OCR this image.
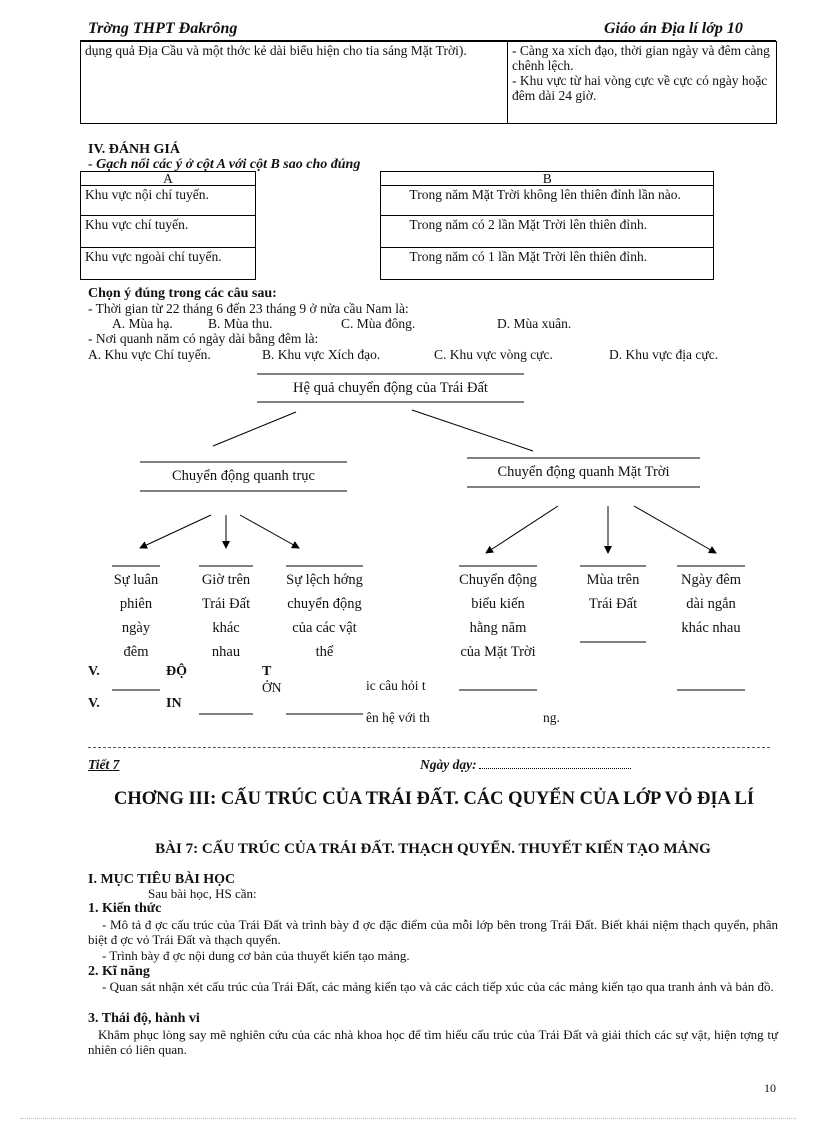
Trờng THPT Đakrông	Giáo án Địa lí lớp 10
dụng quả Địa Cầu và một thớc kẻ dài biểu hiện cho tia sáng Mặt Trời).	- Càng xa xích đạo, thời gian ngày và đêm càng chênh lệch.
- Khu vực từ hai vòng cực về cực có ngày hoặc đêm dài 24 giờ.
IV. ĐÁNH GIÁ
- Gạch nối các ý ở cột A với cột B sao cho đúng
A		B
Khu vực nội chí tuyến.		Trong năm Mặt Trời không lên thiên đỉnh lần nào.
Khu vực chí tuyến.		Trong năm có 2 lần Mặt Trời lên thiên đỉnh.
Khu vực ngoài chí tuyến.		Trong năm có 1 lần Mặt Trời lên thiên đỉnh.
Chọn ý đúng trong các câu sau:
- Thời gian từ 22 tháng 6 đến 23 tháng 9 ở nửa cầu Nam là:
A. Mùa hạ.	B. Mùa thu.	C. Mùa đông.	D. Mùa xuân.
- Nơi quanh năm có ngày dài bằng đêm là:
A. Khu vực Chí tuyến.	B. Khu vực Xích đạo.	C. Khu vực vòng cực.	D. Khu vực địa cực.
V.
V.
ĐỘ
IN
T
ỞN	ic câu hỏi t
ên hệ với th	ng.
Hệ quả chuyển động của Trái Đất
Chuyển động quanh trục	Chuyển động quanh Mặt Trời
Sự luân phiên ngày đêm
Giờ trên Trái Đất khác nhau
Sự lệch hớng chuyển động của các vật thể
Chuyển động biểu kiến hằng năm của Mặt Trời
Mùa trên Trái Đất
Ngày đêm dài ngắn khác nhau
Tiết 7	Ngày dạy:
CHƠNG III: CẤU TRÚC CỦA TRÁI ĐẤT. CÁC QUYỂN CỦA LỚP VỎ ĐỊA LÍ
BÀI 7: CẤU TRÚC CỦA TRÁI ĐẤT. THẠCH QUYỂN. THUYẾT KIẾN TẠO MẢNG
I. MỤC TIÊU BÀI HỌC
Sau bài học, HS cần:
1. Kiến thức
- Mô tả đ ợc cấu trúc của Trái Đất và trình bày đ ợc đặc điểm của mỗi lớp bên trong Trái Đất. Biết khái niệm thạch quyển, phân biệt đ ợc vỏ Trái Đất và thạch quyển.
- Trình bày đ ợc nội dung cơ bản của thuyết kiến tạo mảng.
2. Kĩ năng
- Quan sát nhận xét cấu trúc của Trái Đất, các mảng kiến tạo và các cách tiếp xúc của các mảng kiến tạo qua tranh ảnh và bản đồ.
3. Thái độ, hành vi
Khâm phục lòng say mê nghiên cứu của các nhà khoa học để tìm hiểu cấu trúc của Trái Đất và giải thích các sự vật, hiện tợng tự nhiên có liên quan.
10
